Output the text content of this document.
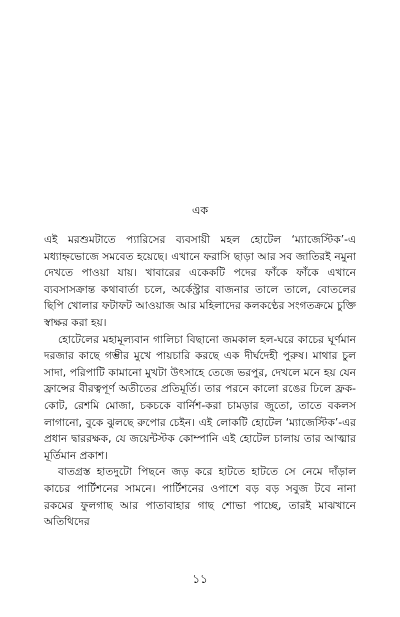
এক

এই মরশুমটাতে প্যারিসের ব্যবসায়ী মহল হোটেল ‘ম্যাজেস্টিক’-এ মধ্যাহ্নভোজে সমবেত হয়েছে। এখানে ফরাসি ছাড়া আর সব জাতিরই নমুনা দেখতে পাওয়া যায়। খাবারের একেকটি পদের ফাঁকে ফাঁকে এখানে ব্যবসাসক্রান্ত কথাবার্তা চলে, অর্কেস্ট্রার বাজনার তালে তালে, বোতলের ছিপি খোলার ফটাফট আওয়াজ আর মহিলাদের কলকণ্ঠের সংগতক্রমে চুক্তি স্বাক্ষর করা হয়।

হোটেলের মহামূল্যবান গালিচা বিছানো জমকাল হল-ঘরে কাচের ঘূর্ণমান দরজার কাছে গম্ভীর মুখে পায়চারি করছে এক দীর্ঘদেহী পুরুষ। মাথার চুল সাদা, পরিপাটি কামানো মুখটা উৎসাহে তেজে ভরপুর, দেখলে মনে হয় যেন ফ্রান্সের বীরত্বপূর্ণ অতীতের প্রতিমূর্তি। তার পরনে কালো রঙের ঢিলে ফ্রক-কোট, রেশমি মোজা, চকচকে বার্নিশ-করা চামড়ার জুতো, তাতে বকলস লাগানো, বুকে ঝুলছে রুপোর চেইন। এই লোকটি হোটেল ‘ম্যাজেস্টিক’-এর প্রধান দ্বাররক্ষক, যে জয়েন্টস্টক কোম্পানি এই হোটেল চালায় তার আত্মার মূর্তিমান প্রকাশ।

বাতগ্রস্ত হাতদুটো পিছনে জড় করে হাটতে হাটতে সে নেমে দাঁড়াল কাচের পার্টিশনের সামনে। পার্টিশনের ওপাশে বড় বড় সবুজ টবে নানা রকমের ফুলগাছ আর পাতাবাহার গাছ শোভা পাচ্ছে, তারই মাঝখানে অতিথিদের

১১
